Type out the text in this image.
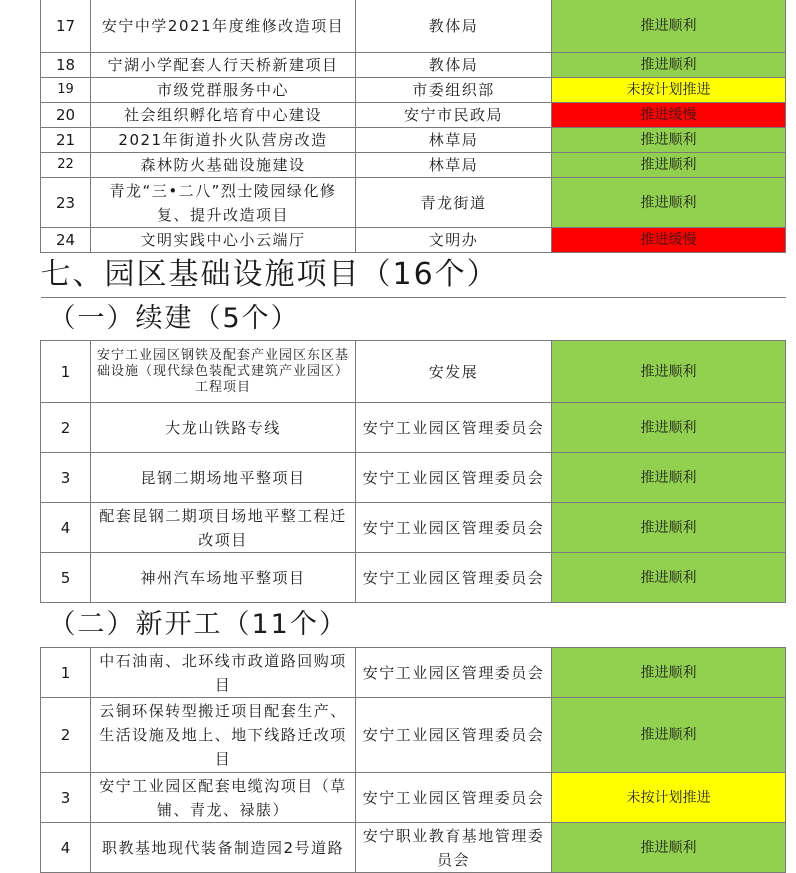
17	安宁中学2021年度维修改造项目	教体局	推进顺利
18	宁湖小学配套人行天桥新建项目	教体局	推进顺利
19	市级党群服务中心	市委组织部	未按计划推进
20	社会组织孵化培育中心建设	安宁市民政局	推进缓慢
21	2021年街道扑火队营房改造	林草局	推进顺利
22	森林防火基础设施建设	林草局	推进顺利
23	青龙“三•二八”烈士陵园绿化修复、提升改造项目	青龙街道	推进顺利
24	文明实践中心小云端厅	文明办	推进缓慢
七、园区基础设施项目（16个）			
（一）续建（5个）			
1	安宁工业园区钢铁及配套产业园区东区基础设施（现代绿色装配式建筑产业园区）工程项目	安发展	推进顺利
2	大龙山铁路专线	安宁工业园区管理委员会	推进顺利
3	昆钢二期场地平整项目	安宁工业园区管理委员会	推进顺利
4	配套昆钢二期项目场地平整工程迁改项目	安宁工业园区管理委员会	推进顺利
5	神州汽车场地平整项目	安宁工业园区管理委员会	推进顺利
（二）新开工（11个）			
1	中石油南、北环线市政道路回购项目	安宁工业园区管理委员会	推进顺利
2	云铜环保转型搬迁项目配套生产、生活设施及地上、地下线路迁改项目	安宁工业园区管理委员会	推进顺利
3	安宁工业园区配套电缆沟项目（草铺、青龙、禄脿）	安宁工业园区管理委员会	未按计划推进
4	职教基地现代装备制造园2号道路	安宁职业教育基地管理委员会	推进顺利
